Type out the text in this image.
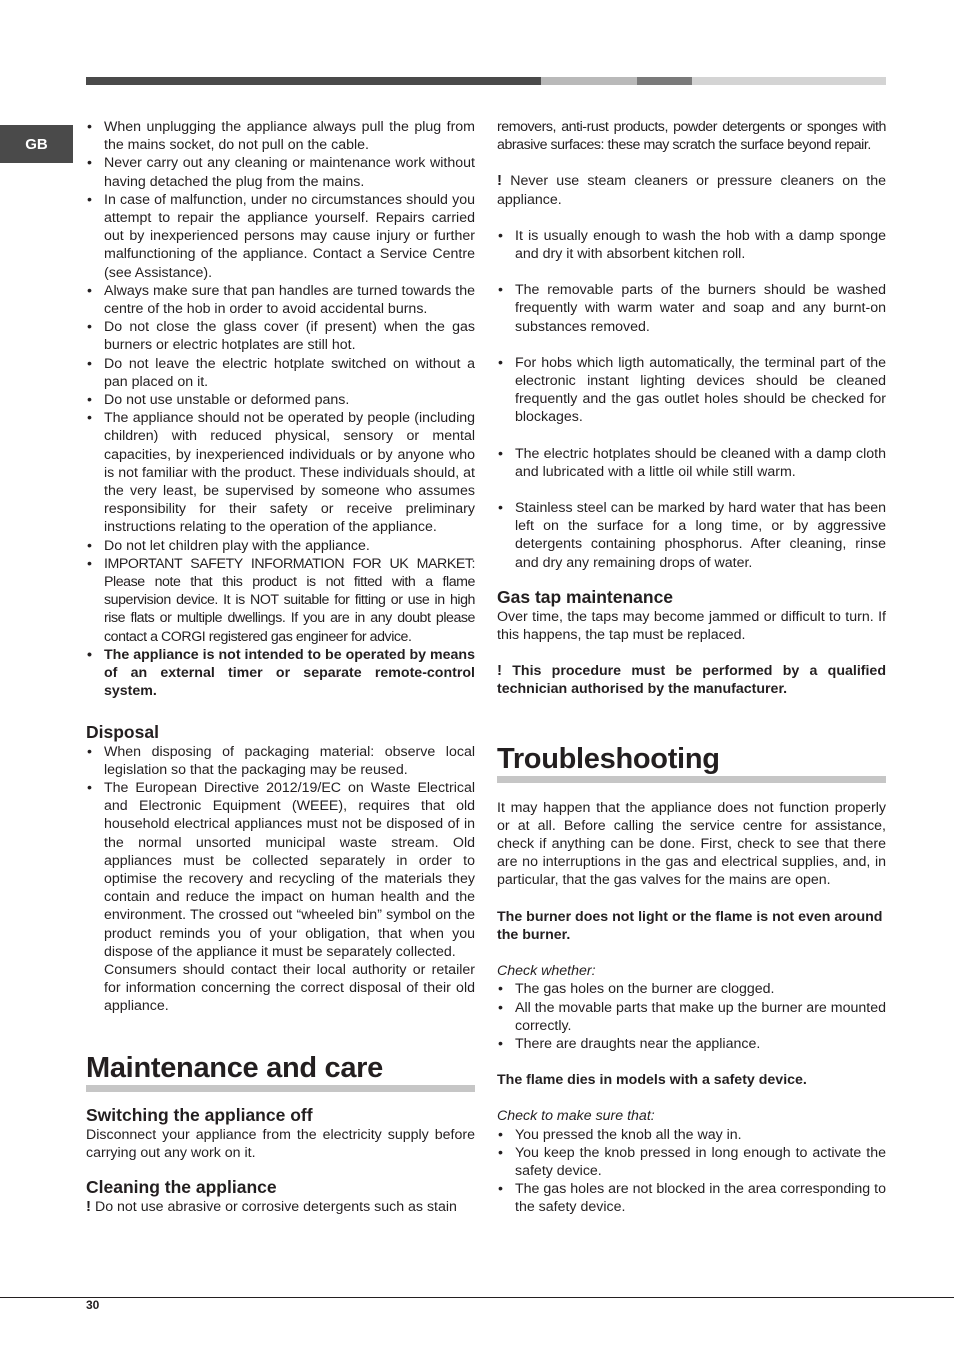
GB
• When unplugging the appliance always pull the plug from the mains socket, do not pull on the cable.
• Never carry out any cleaning or maintenance work without having detached the plug from the mains.
• In case of malfunction, under no circumstances should you attempt to repair the appliance yourself. Repairs carried out by inexperienced persons may cause injury or further malfunctioning of the appliance. Contact a Service Centre (see Assistance).
• Always make sure that pan handles are turned towards the centre of the hob in order to avoid accidental burns.
• Do not close the glass cover (if present) when the gas burners or electric hotplates are still hot.
• Do not leave the electric hotplate switched on without a pan placed on it.
• Do not use unstable or deformed pans.
• The appliance should not be operated by people (including children) with reduced physical, sensory or mental capacities, by inexperienced individuals or by anyone who is not familiar with the product. These individuals should, at the very least, be supervised by someone who assumes responsibility for their safety or receive preliminary instructions relating to the operation of the appliance.
• Do not let children play with the appliance.
• IMPORTANT SAFETY INFORMATION FOR UK MARKET: Please note that this product is not fitted with a flame supervision device. It is NOT suitable for fitting or use in high rise flats or multiple dwellings. If you are in any doubt please contact a CORGI registered gas engineer for advice.
• The appliance is not intended to be operated by means of an external timer or separate remote-control system.
Disposal
• When disposing of packaging material: observe local legislation so that the packaging may be reused.
• The European Directive 2012/19/EC on Waste Electrical and Electronic Equipment (WEEE), requires that old household electrical appliances must not be disposed of in the normal unsorted municipal waste stream. Old appliances must be collected separately in order to optimise the recovery and recycling of the materials they contain and reduce the impact on human health and the environment. The crossed out “wheeled bin” symbol on the product reminds you of your obligation, that when you dispose of the appliance it must be separately collected.

Consumers should contact their local authority or retailer for information concerning the correct disposal of their old appliance.

Maintenance and care
Switching the appliance off

Disconnect your appliance from the electricity supply before carrying out any work on it.

Cleaning the appliance

! Do not use abrasive or corrosive detergents such as stain

removers, anti-rust products, powder detergents or sponges with abrasive surfaces: these may scratch the surface beyond repair.

! Never use steam cleaners or pressure cleaners on the appliance.

• It is usually enough to wash the hob with a damp sponge and dry it with absorbent kitchen roll.
• The removable parts of the burners should be washed frequently with warm water and soap and any burnt-on substances removed.
• For hobs which ligth automatically, the terminal part of the electronic instant lighting devices should be cleaned frequently and the gas outlet holes should be checked for blockages.
• The electric hotplates should be cleaned with a damp cloth and lubricated with a little oil while still warm.
• Stainless steel can be marked by hard water that has been left on the surface for a long time, or by aggressive detergents containing phosphorus. After cleaning, rinse and dry any remaining drops of water.
Gas tap maintenance

Over time, the taps may become jammed or difficult to turn. If this happens, the tap must be replaced.

! This procedure must be performed by a qualified technician authorised by the manufacturer.

Troubleshooting

It may happen that the appliance does not function properly or at all. Before calling the service centre for assistance, check if anything can be done. First, check to see that there are no interruptions in the gas and electrical supplies, and, in particular, that the gas valves for the mains are open.

The burner does not light or the flame is not even around the burner.

Check whether:

• The gas holes on the burner are clogged.
• All the movable parts that make up the burner are mounted correctly.
• There are draughts near the appliance.

The flame dies in models with a safety device.

Check to make sure that:

• You pressed the knob all the way in.
• You keep the knob pressed in long enough to activate the safety device.
• The gas holes are not blocked in the area corresponding to the safety device.
30
